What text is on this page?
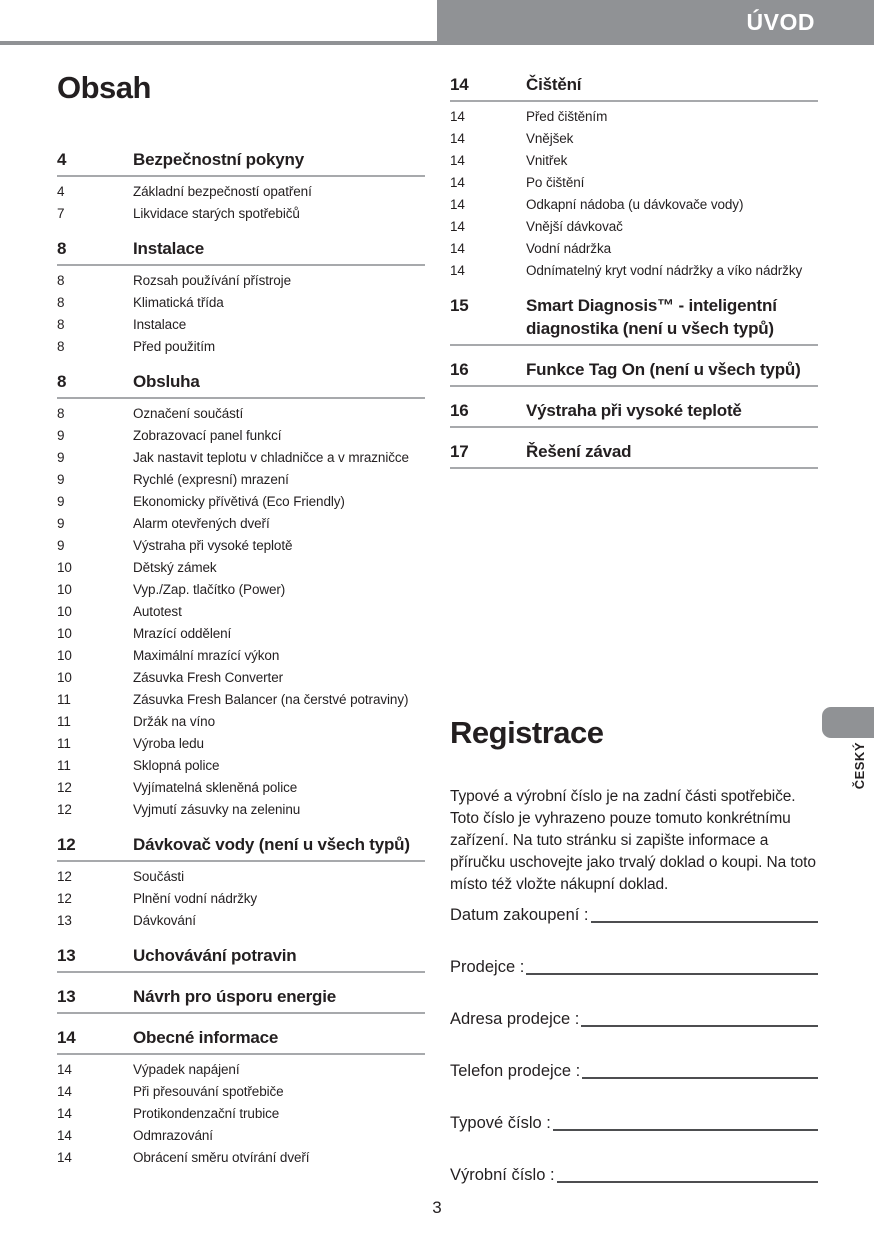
ÚVOD
Obsah
4	Bezpečnostní pokyny
4	Základní bezpečností opatření
7	Likvidace starých spotřebičů
8	Instalace
8	Rozsah používání přístroje
8	Klimatická třída
8	Instalace
8	Před použitím
8	Obsluha
8	Označení součástí
9	Zobrazovací panel funkcí
9	Jak nastavit teplotu v chladničce a v mrazničce
9	Rychlé (expresní) mrazení
9	Ekonomicky přívětivá (Eco Friendly)
9	Alarm otevřených dveří
9	Výstraha při vysoké teplotě
10	Dětský zámek
10	Vyp./Zap. tlačítko (Power)
10	Autotest
10	Mrazící oddělení
10	Maximální mrazící výkon
10	Zásuvka Fresh Converter
11	Zásuvka Fresh Balancer (na čerstvé potraviny)
11	Držák na víno
11	Výroba ledu
11	Sklopná police
12	Vyjímatelná skleněná police
12	Vyjmutí zásuvky na zeleninu
12	Dávkovač vody (není u všech typů)
12	Součásti
12	Plnění vodní nádržky
13	Dávkování
13	Uchovávání potravin
13	Návrh pro úsporu energie
14	Obecné informace
14	Výpadek napájení
14	Při přesouvání spotřebiče
14	Protikondenzační trubice
14	Odmrazování
14	Obrácení směru otvírání dveří
14	Čištění
14	Před čištěním
14	Vnějšek
14	Vnitřek
14	Po čištění
14	Odkapní nádoba (u dávkovače vody)
14	Vnější dávkovač
14	Vodní nádržka
14	Odnímatelný kryt vodní nádržky a víko nádržky
15	Smart Diagnosis™ - inteligentní diagnostika (není u všech typů)
16	Funkce Tag On (není u všech typů)
16	Výstraha při vysoké teplotě
17	Řešení závad
Registrace

Typové a výrobní číslo je na zadní části spotřebiče. Toto číslo je vyhrazeno pouze tomuto konkrétnímu zařízení. Na tuto stránku si zapište informace a příručku uschovejte jako trvalý doklad o koupi. Na toto místo též vložte nákupní doklad.

Datum zakoupení :
Prodejce :
Adresa prodejce :
Telefon prodejce :
Typové číslo :
Výrobní číslo :
ČESKÝ
3
